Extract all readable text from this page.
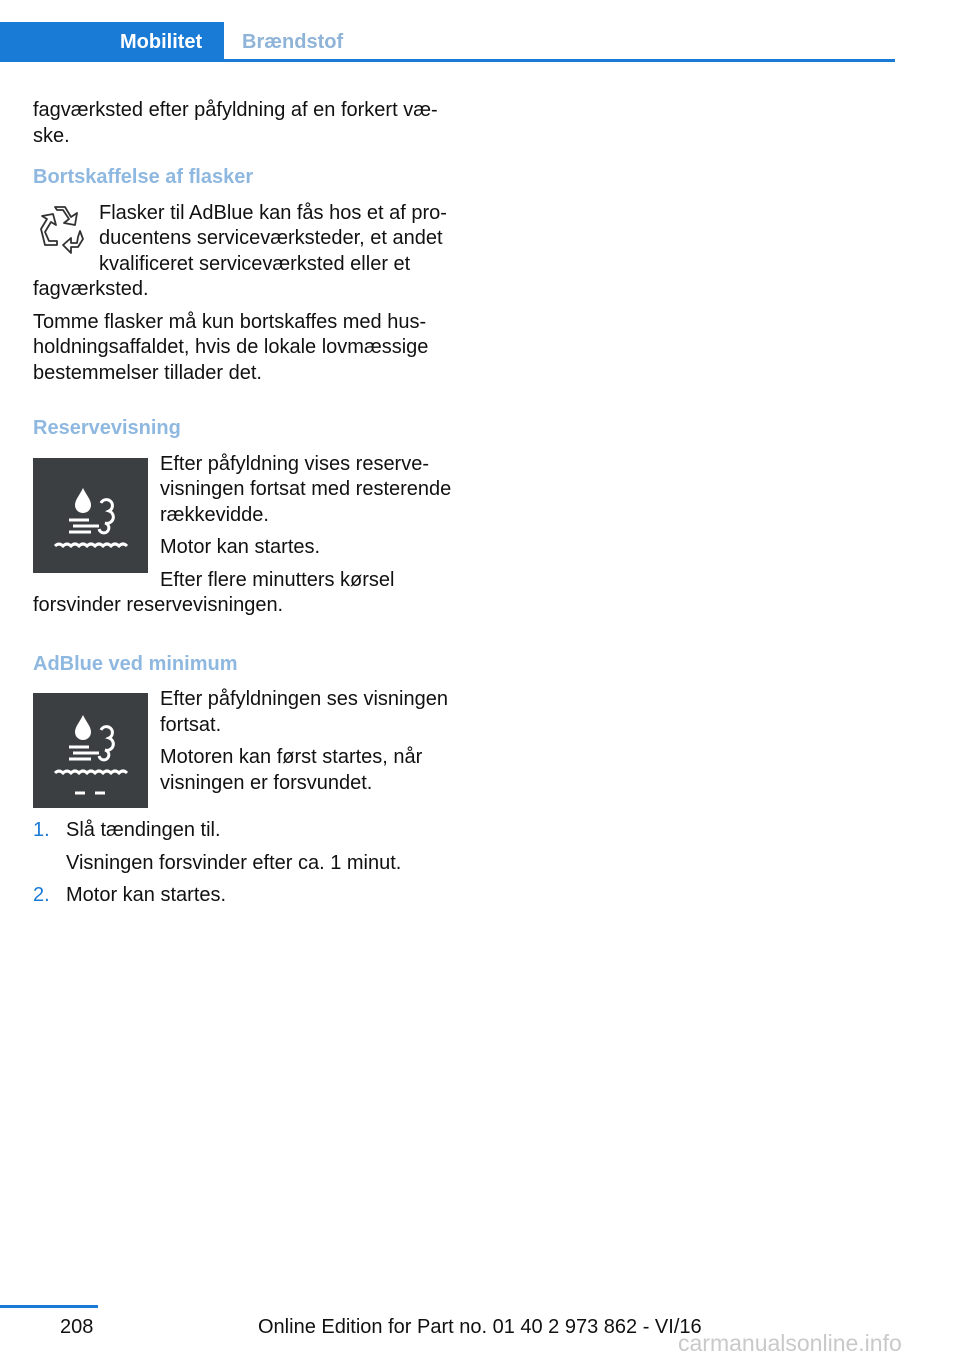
Mobilitet	Brændstof

fagværksted efter påfyldning af en forkert væske.

Bortskaffelse af flasker

Flasker til AdBlue kan fås hos et af producentens serviceværksteder, et andet kvalificeret serviceværksted eller et fagværksted.

Tomme flasker må kun bortskaffes med husholdningsaffaldet, hvis de lokale lovmæssige bestemmelser tillader det.

Reservevisning

Efter påfyldning vises reservevisningen fortsat med resterende rækkevidde.

Motor kan startes.

Efter flere minutters kørsel forsvinder reservevisningen.

AdBlue ved minimum

Efter påfyldningen ses visningen fortsat.

Motoren kan først startes, når visningen er forsvundet.

1. Slå tændingen til.

Visningen forsvinder efter ca. 1 minut.

2. Motor kan startes.

208	Online Edition for Part no. 01 40 2 973 862 - VI/16
carmanualsonline.info
